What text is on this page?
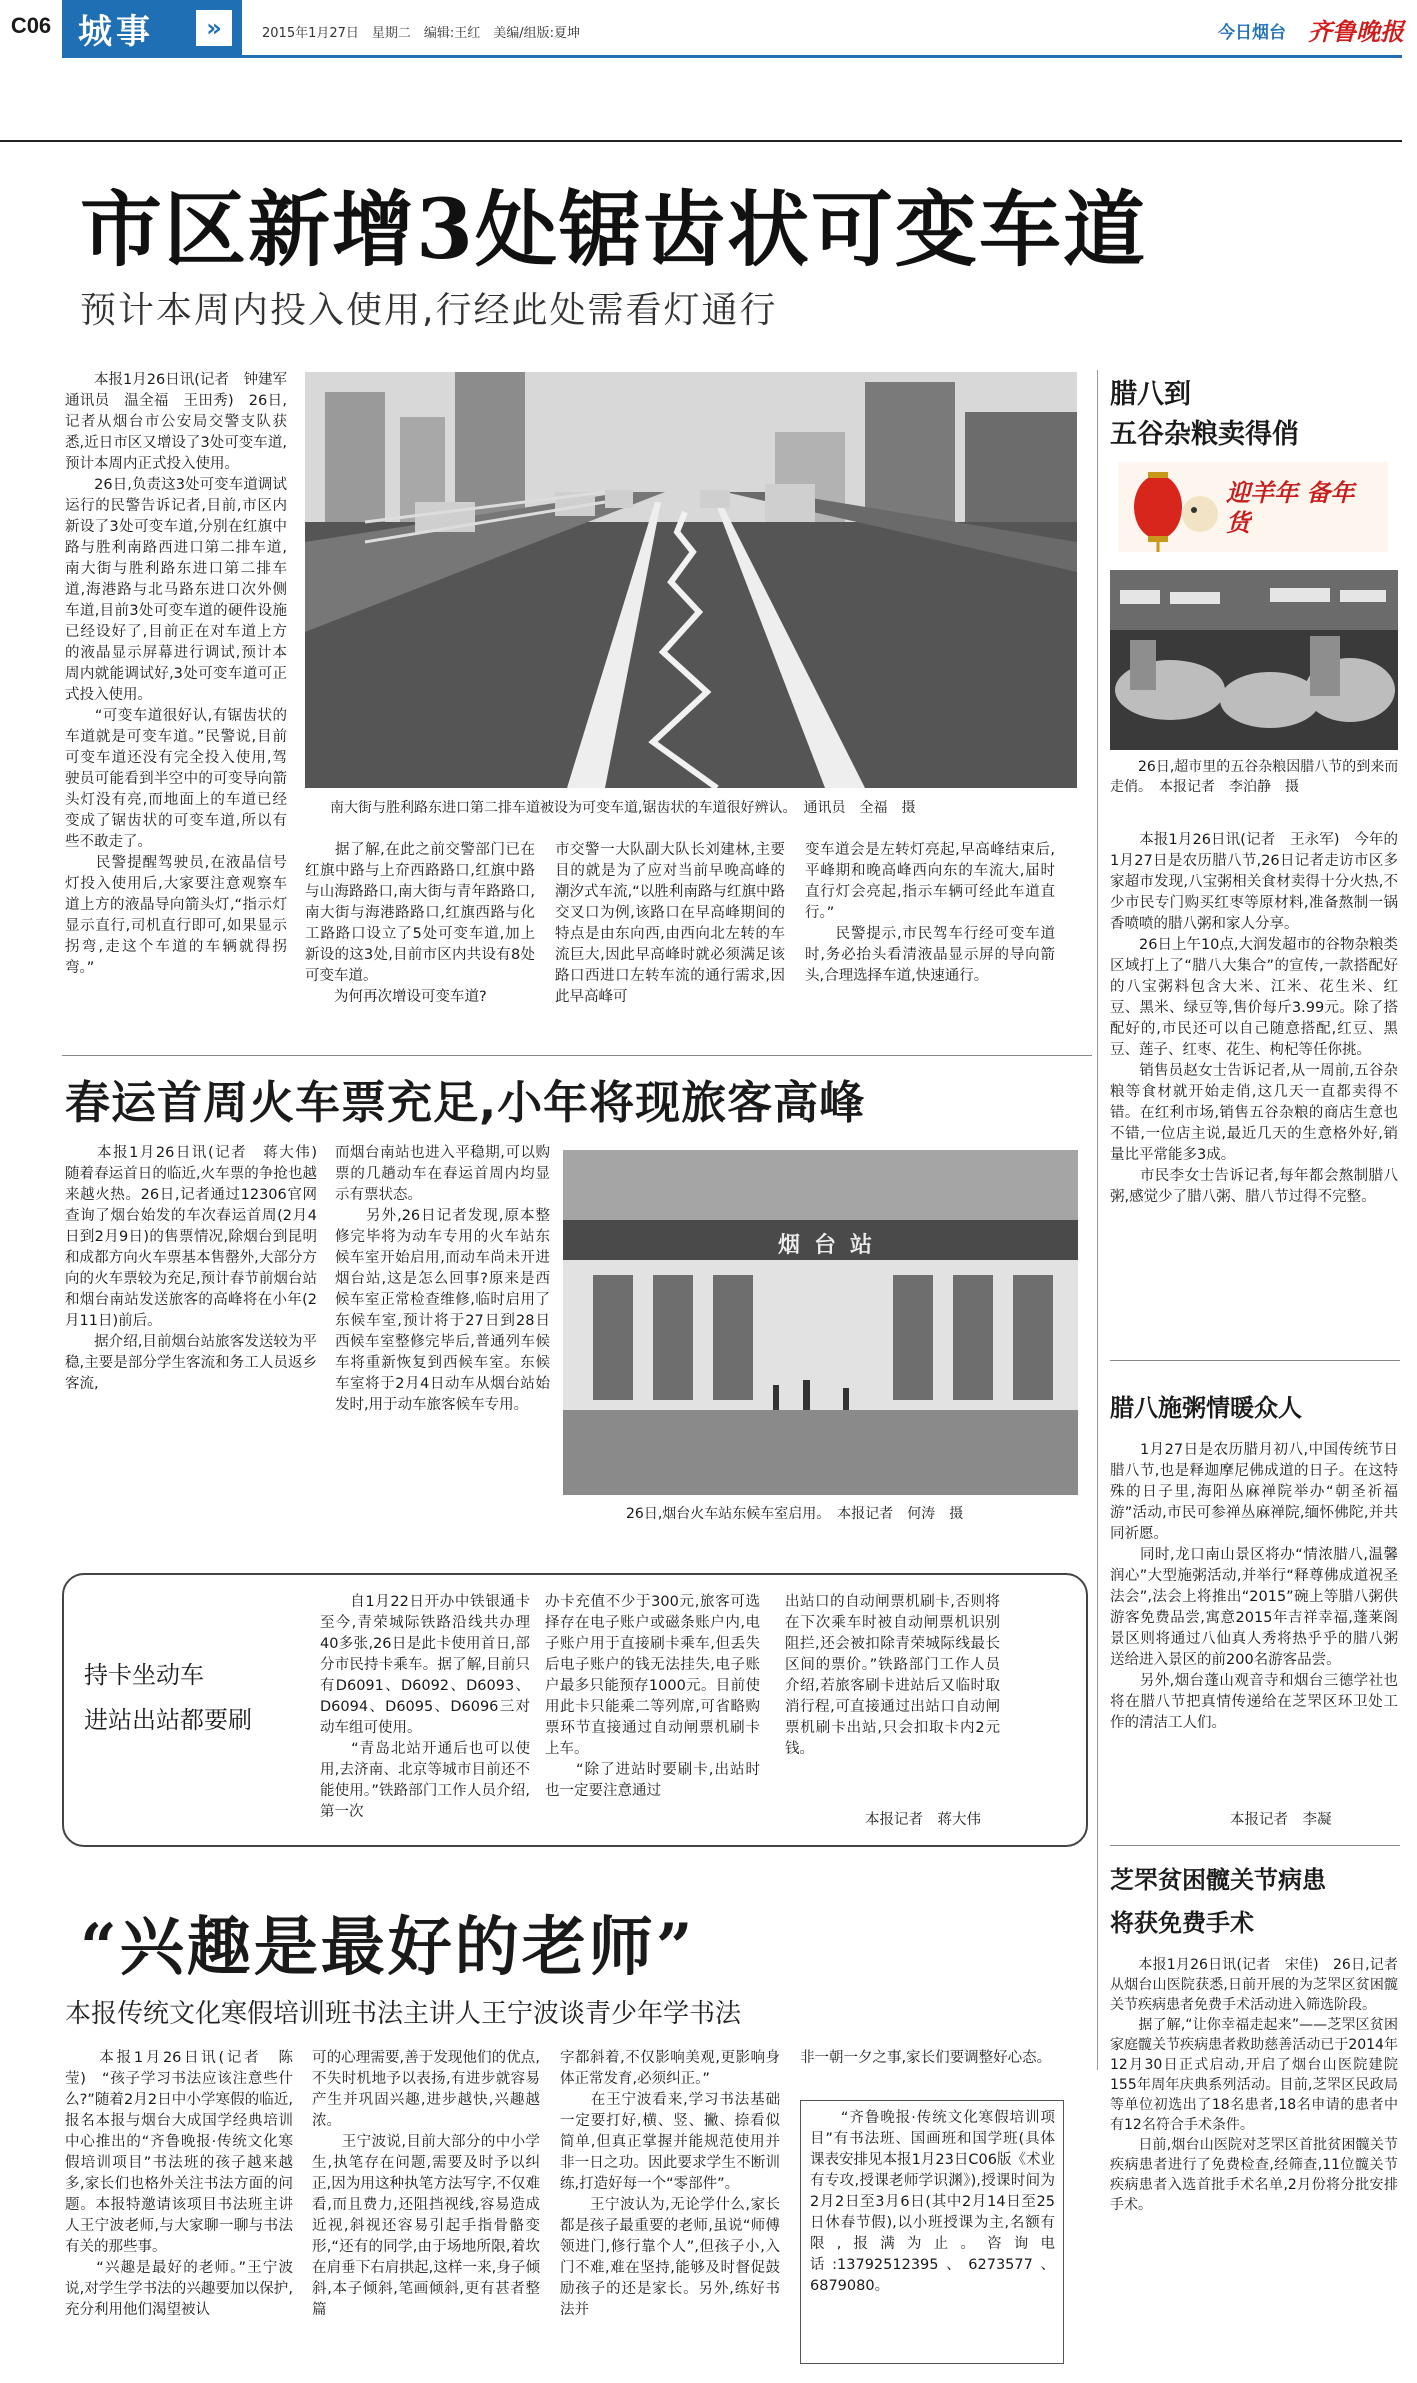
C06 城事	»	2015年1月27日　星期二　编辑:王红　美编/组版:夏坤	今日烟台 齐鲁晚报
市区新增3处锯齿状可变车道
预计本周内投入使用,行经此处需看灯通行
　　本报1月26日讯(记者　钟建军　通讯员　温全福　王田秀)　26日,记者从烟台市公安局交警支队获悉,近日市区又增设了3处可变车道,预计本周内正式投入使用。
　　26日,负责这3处可变车道调试运行的民警告诉记者,目前,市区内新设了3处可变车道,分别在红旗中路与胜利南路西进口第二排车道,南大街与胜利路东进口第二排车道,海港路与北马路东进口次外侧车道,目前3处可变车道的硬件设施已经设好了,目前正在对车道上方的液晶显示屏幕进行调试,预计本周内就能调试好,3处可变车道可正式投入使用。
　　“可变车道很好认,有锯齿状的车道就是可变车道。”民警说,目前可变车道还没有完全投入使用,驾驶员可能看到半空中的可变导向箭头灯没有亮,而地面上的车道已经变成了锯齿状的可变车道,所以有些不敢走了。
　　民警提醒驾驶员,在液晶信号灯投入使用后,大家要注意观察车道上方的液晶导向箭头灯,“指示灯显示直行,司机直行即可,如果显示拐弯,走这个车道的车辆就得拐弯。”
南大街与胜利路东进口第二排车道被设为可变车道,锯齿状的车道很好辨认。　通讯员　全福　摄
　　据了解,在此之前交警部门已在红旗中路与上夼西路路口,红旗中路与山海路路口,南大街与青年路路口,南大街与海港路路口,红旗西路与化工路路口设立了5处可变车道,加上新设的这3处,目前市区内共设有8处可变车道。
　　为何再次增设可变车道?
市交警一大队副大队长刘建林,主要目的就是为了应对当前早晚高峰的潮汐式车流,“以胜利南路与红旗中路交叉口为例,该路口在早高峰期间的特点是由东向西,由西向北左转的车流巨大,因此早高峰时就必须满足该路口西进口左转车流的通行需求,因此早高峰可
变车道会是左转灯亮起,早高峰结束后,平峰期和晚高峰西向东的车流大,届时直行灯会亮起,指示车辆可经此车道直行。”
　　民警提示,市民驾车行经可变车道时,务必抬头看清液晶显示屏的导向箭头,合理选择车道,快速通行。
腊八到
五谷杂粮卖得俏
迎羊年 备年货
　　26日,超市里的五谷杂粮因腊八节的到来而走俏。　本报记者　李泊静　摄
　　本报1月26日讯(记者　王永军)　今年的1月27日是农历腊八节,26日记者走访市区多家超市发现,八宝粥相关食材卖得十分火热,不少市民专门购买红枣等原材料,准备熬制一锅香喷喷的腊八粥和家人分享。
　　26日上午10点,大润发超市的谷物杂粮类区域打上了“腊八大集合”的宣传,一款搭配好的八宝粥料包含大米、江米、花生米、红豆、黑米、绿豆等,售价每斤3.99元。除了搭配好的,市民还可以自己随意搭配,红豆、黑豆、莲子、红枣、花生、枸杞等任你挑。
　　销售员赵女士告诉记者,从一周前,五谷杂粮等食材就开始走俏,这几天一直都卖得不错。在红利市场,销售五谷杂粮的商店生意也不错,一位店主说,最近几天的生意格外好,销量比平常能多3成。
　　市民李女士告诉记者,每年都会熬制腊八粥,感觉少了腊八粥、腊八节过得不完整。
腊八施粥情暖众人
　　1月27日是农历腊月初八,中国传统节日腊八节,也是释迦摩尼佛成道的日子。在这特殊的日子里,海阳丛麻禅院举办“朝圣祈福游”活动,市民可参禅丛麻禅院,缅怀佛陀,并共同祈愿。
　　同时,龙口南山景区将办“情浓腊八,温馨润心”大型施粥活动,并举行“释尊佛成道祝圣法会”,法会上将推出“2015”碗上等腊八粥供游客免费品尝,寓意2015年吉祥幸福,蓬莱阁景区则将通过八仙真人秀将热乎乎的腊八粥送给进入景区的前200名游客品尝。
　　另外,烟台蓬山观音寺和烟台三德学社也将在腊八节把真情传递给在芝罘区环卫处工作的清洁工人们。
本报记者　李凝
春运首周火车票充足,小年将现旅客高峰
　　本报1月26日讯(记者　蒋大伟)　随着春运首日的临近,火车票的争抢也越来越火热。26日,记者通过12306官网查询了烟台始发的车次春运首周(2月4日到2月9日)的售票情况,除烟台到昆明和成都方向火车票基本售罄外,大部分方向的火车票较为充足,预计春节前烟台站和烟台南站发送旅客的高峰将在小年(2月11日)前后。
　　据介绍,目前烟台站旅客发送较为平稳,主要是部分学生客流和务工人员返乡客流,
而烟台南站也进入平稳期,可以购票的几趟动车在春运首周内均显示有票状态。
　　另外,26日记者发现,原本整修完毕将为动车专用的火车站东候车室开始启用,而动车尚未开进烟台站,这是怎么回事?原来是西候车室正常检查维修,临时启用了东候车室,预计将于27日到28日西候车室整修完毕后,普通列车候车将重新恢复到西候车室。东候车室将于2月4日动车从烟台站始发时,用于动车旅客候车专用。
烟台站
26日,烟台火车站东候车室启用。　本报记者　何涛　摄
持卡坐动车
进站出站都要刷
　　自1月22日开办中铁银通卡至今,青荣城际铁路沿线共办理40多张,26日是此卡使用首日,部分市民持卡乘车。据了解,目前只有D6091、D6092、D6093、D6094、D6095、D6096三对动车组可使用。
　　“青岛北站开通后也可以使用,去济南、北京等城市目前还不能使用。”铁路部门工作人员介绍,第一次
办卡充值不少于300元,旅客可选择存在电子账户或磁条账户内,电子账户用于直接刷卡乘车,但丢失后电子账户的钱无法挂失,电子账户最多只能预存1000元。目前使用此卡只能乘二等列席,可省略购票环节直接通过自动闸票机刷卡上车。
　　“除了进站时要刷卡,出站时也一定要注意通过
出站口的自动闸票机刷卡,否则将在下次乘车时被自动闸票机识别阻拦,还会被扣除青荣城际线最长区间的票价。”铁路部门工作人员介绍,若旅客刷卡进站后又临时取消行程,可直接通过出站口自动闸票机刷卡出站,只会扣取卡内2元钱。
本报记者　蒋大伟
“兴趣是最好的老师”
本报传统文化寒假培训班书法主讲人王宁波谈青少年学书法
　　本报1月26日讯(记者　陈莹)　“孩子学习书法应该注意些什么?”随着2月2日中小学寒假的临近,报名本报与烟台大成国学经典培训中心推出的“齐鲁晚报·传统文化寒假培训项目”书法班的孩子越来越多,家长们也格外关注书法方面的问题。本报特邀请该项目书法班主讲人王宁波老师,与大家聊一聊与书法有关的那些事。
　　“兴趣是最好的老师。”王宁波说,对学生学书法的兴趣要加以保护,充分利用他们渴望被认
可的心理需要,善于发现他们的优点,不失时机地予以表扬,有进步就容易产生并巩固兴趣,进步越快,兴趣越浓。
　　王宁波说,目前大部分的中小学生,执笔存在问题,需要及时予以纠正,因为用这种执笔方法写字,不仅难看,而且费力,还阻挡视线,容易造成近视,斜视还容易引起手指骨骼变形,“还有的同学,由于场地所限,着坎在肩垂下右肩拱起,这样一来,身子倾斜,本子倾斜,笔画倾斜,更有甚者整篇
字都斜着,不仅影响美观,更影响身体正常发育,必须纠正。”
　　在王宁波看来,学习书法基础一定要打好,横、竖、撇、捺看似简单,但真正掌握并能规范使用并非一日之功。因此要求学生不断训练,打造好每一个“零部件”。
　　王宁波认为,无论学什么,家长都是孩子最重要的老师,虽说“师傅领进门,修行靠个人”,但孩子小,入门不难,难在坚持,能够及时督促鼓励孩子的还是家长。另外,练好书法并
非一朝一夕之事,家长们要调整好心态。
　　“齐鲁晚报·传统文化寒假培训项目”有书法班、国画班和国学班(具体课表安排见本报1月23日C06版《术业有专攻,授课老师学识渊》),授课时间为2月2日至3月6日(其中2月14日至25日休春节假),以小班授课为主,名额有限,报满为止。咨询电话:13792512395、6273577、6879080。
芝罘贫困髋关节病患
将获免费手术
　　本报1月26日讯(记者　宋佳)　26日,记者从烟台山医院获悉,日前开展的为芝罘区贫困髋关节疾病患者免费手术活动进入筛选阶段。
　　据了解,“让你幸福走起来”——芝罘区贫困家庭髋关节疾病患者救助慈善活动已于2014年12月30日正式启动,开启了烟台山医院建院155年周年庆典系列活动。目前,芝罘区民政局等单位初选出了18名患者,18名申请的患者中有12名符合手术条件。
　　日前,烟台山医院对芝罘区首批贫困髋关节疾病患者进行了免费检查,经筛查,11位髋关节疾病患者入选首批手术名单,2月份将分批安排手术。
